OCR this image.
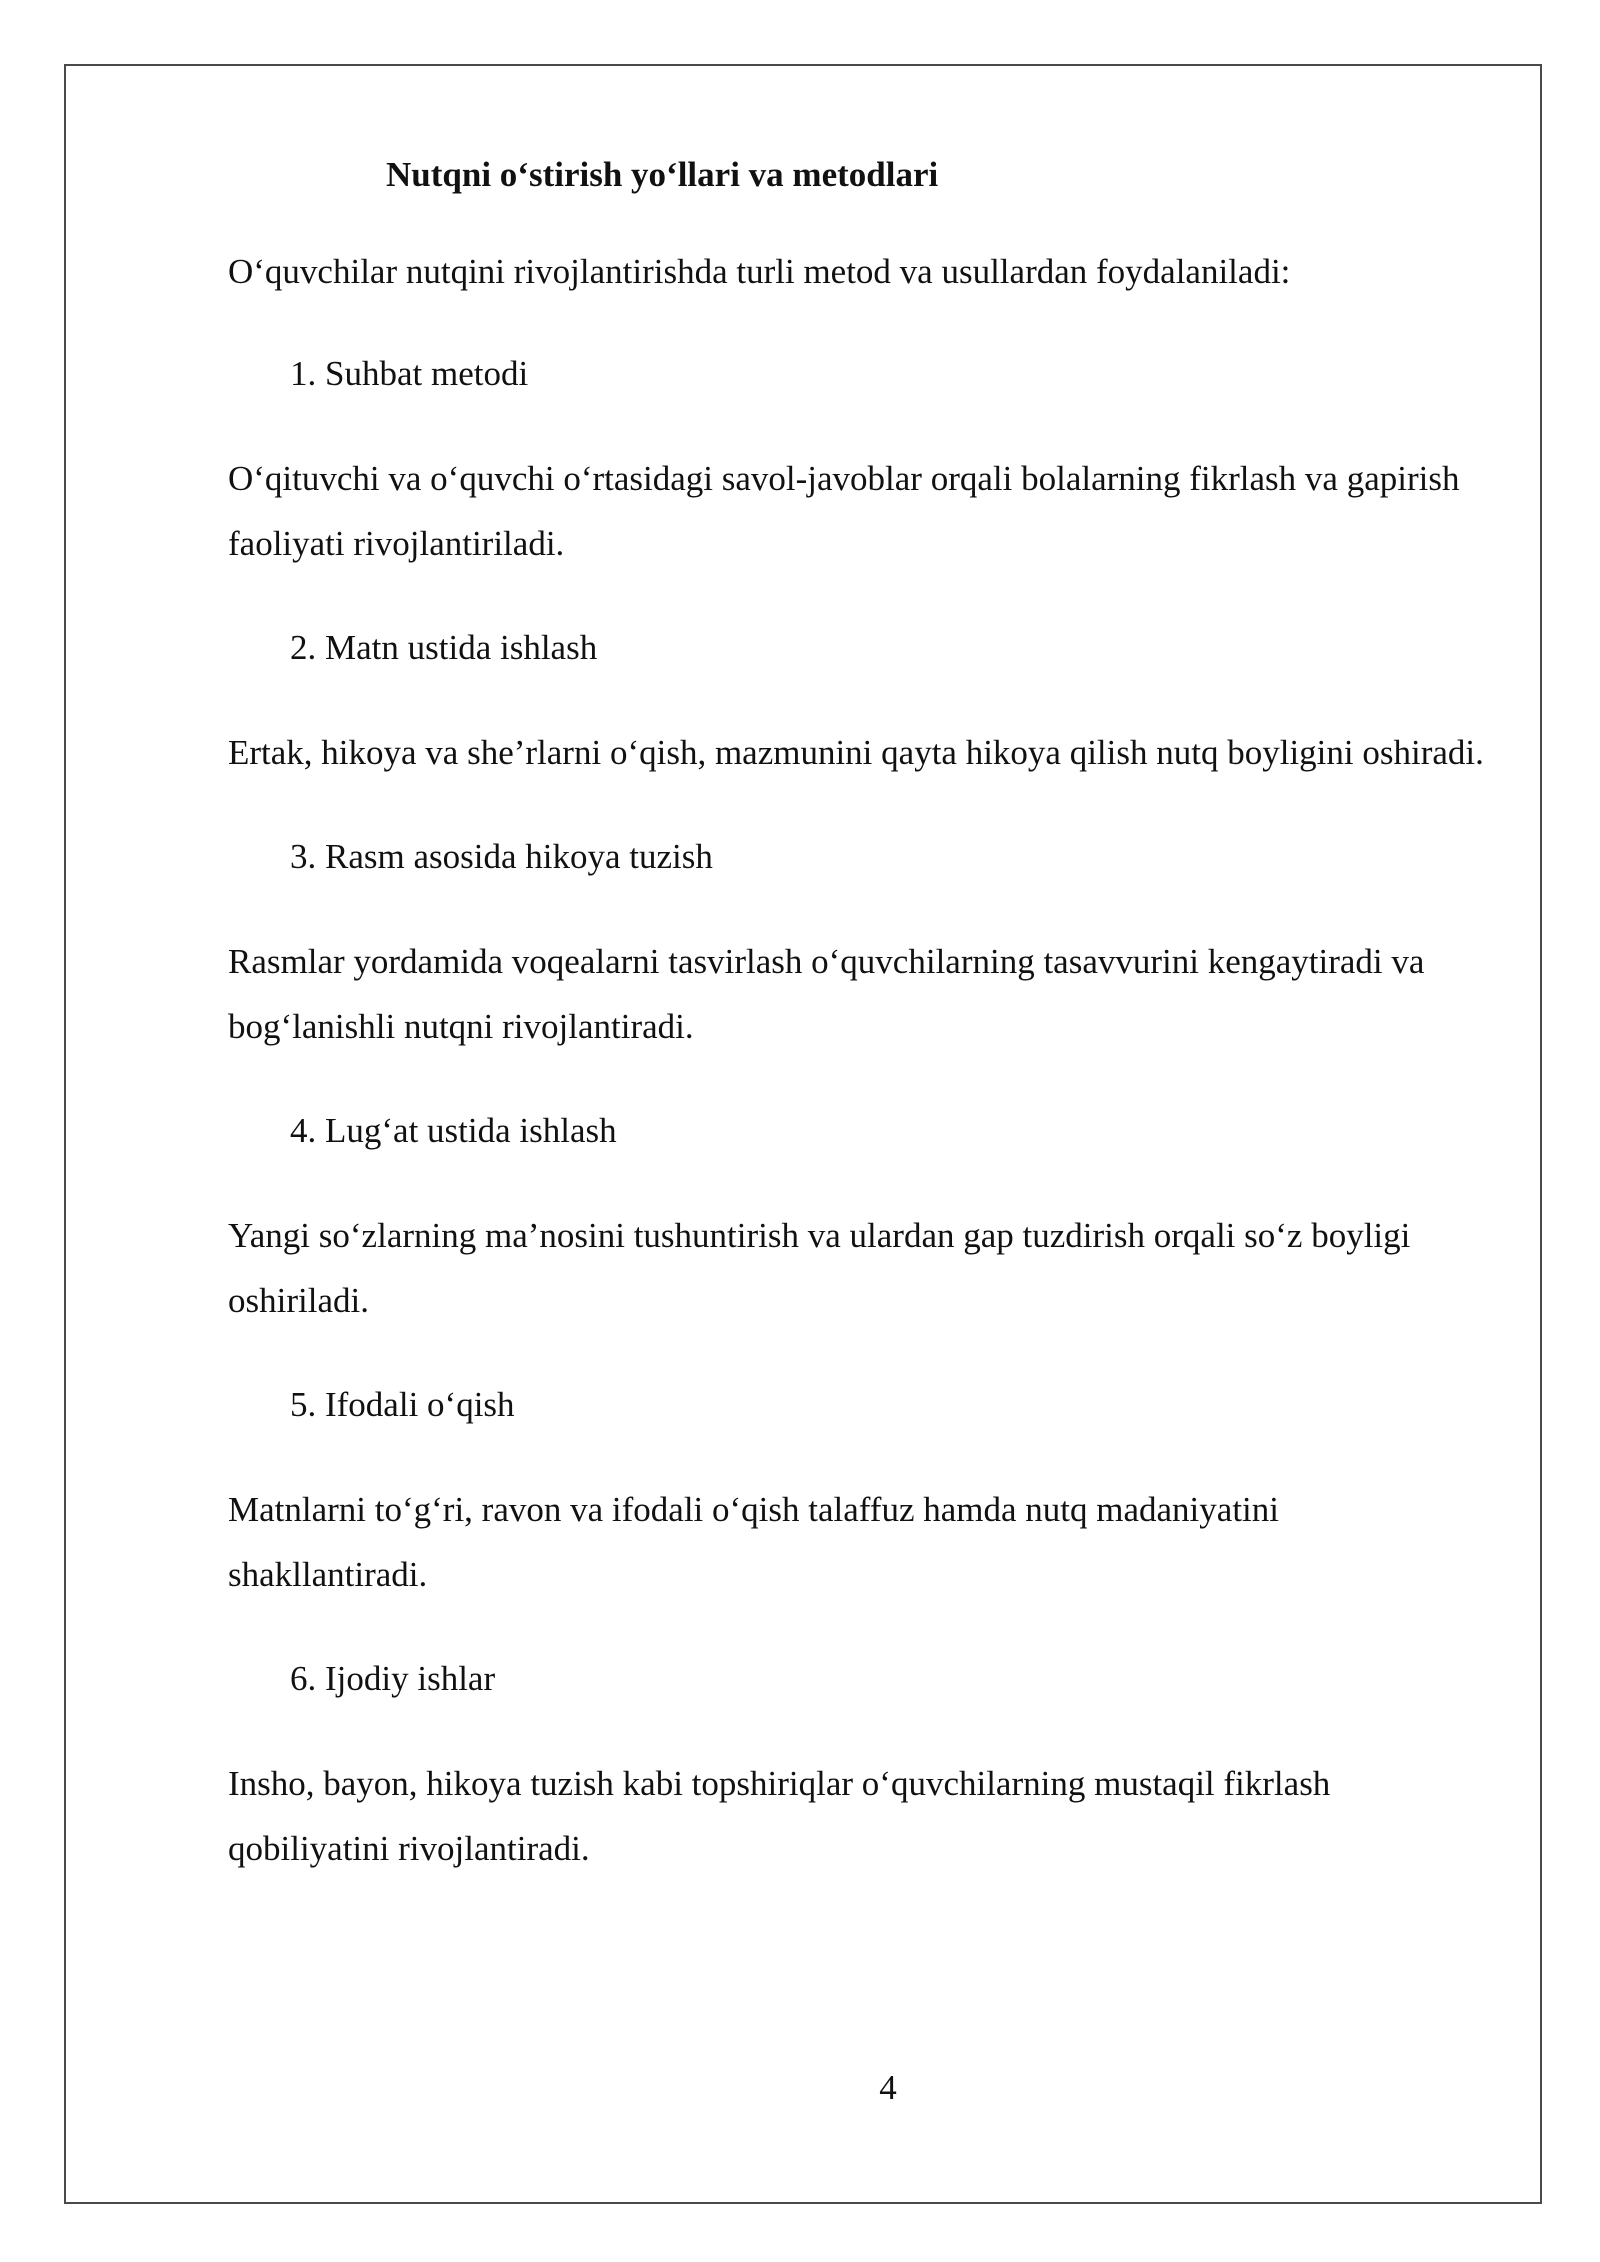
Nutqni o‘stirish yo‘llari va metodlari

O‘quvchilar nutqini rivojlantirishda turli metod va usullardan foydalaniladi:

1. Suhbat metodi

O‘qituvchi va o‘quvchi o‘rtasidagi savol-javoblar orqali bolalarning fikrlash va gapirish faoliyati rivojlantiriladi.

2. Matn ustida ishlash

Ertak, hikoya va she’rlarni o‘qish, mazmunini qayta hikoya qilish nutq boyligini oshiradi.

3. Rasm asosida hikoya tuzish

Rasmlar yordamida voqealarni tasvirlash o‘quvchilarning tasavvurini kengaytiradi va bog‘lanishli nutqni rivojlantiradi.

4. Lug‘at ustida ishlash

Yangi so‘zlarning ma’nosini tushuntirish va ulardan gap tuzdirish orqali so‘z boyligi oshiriladi.

5. Ifodali o‘qish

Matnlarni to‘g‘ri, ravon va ifodali o‘qish talaffuz hamda nutq madaniyatini shakllantiradi.

6. Ijodiy ishlar

Insho, bayon, hikoya tuzish kabi topshiriqlar o‘quvchilarning mustaqil fikrlash qobiliyatini rivojlantiradi.

4
